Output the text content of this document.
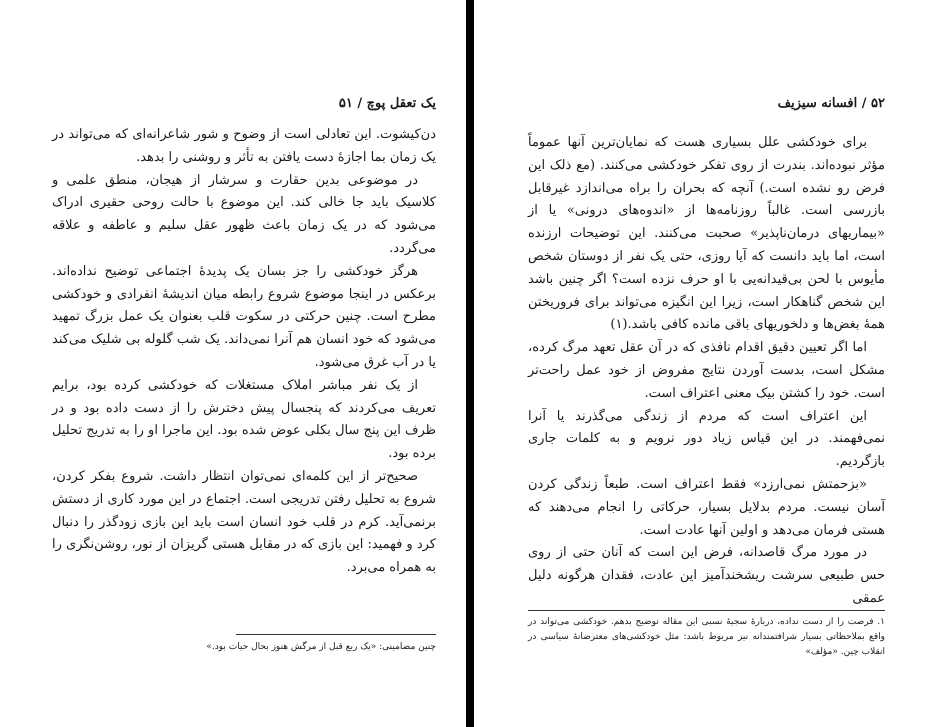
یک تعقل پوچ / ۵۱

دن‌کیشوت. این تعادلی است از وضوح و شور شاعرانه‌ای که می‌تواند در یک زمان بما اجازهٔ دست یافتن به تأثر و روشنی را بدهد.

در موضوعی بدین حقارت و سرشار از هیجان، منطق علمی و کلاسیک باید جا خالی کند. این موضوع با حالت روحی حقیری ادراک می‌شود که در یک زمان باعث ظهور عقل سلیم و عاطفه و علاقه می‌گردد.

هرگز خودکشی را جز بسان یک پدیدهٔ اجتماعی توضیح نداده‌اند. برعکس در اینجا موضوع شروع رابطه میان اندیشهٔ انفرادی و خودکشی مطرح است. چنین حرکتی در سکوت قلب بعنوان یک عمل بزرگ تمهید می‌شود که خود انسان هم آنرا نمی‌داند. یک شب گلوله‌ بی شلیک می‌کند یا در آب غرق می‌شود.

از یک نفر مباشر املاک مستغلات که خودکشی کرده بود، برایم تعریف می‌کردند که پنجسال پیش دخترش را از دست داده بود و در ظرف این پنج سال بکلی عوض شده بود. این ماجرا او را به تدریج تحلیل برده بود.

صحیح‌تر از این کلمه‌ای نمی‌توان انتظار داشت. شروع بفکر کردن، شروع به تحلیل رفتن تدریجی است. اجتماع در این مورد کاری از دستش برنمی‌آید. کرم در قلب خود انسان است باید این بازی زودگذر را دنبال کرد و فهمید: این بازی که در مقابل هستی گریزان از نور، روشن‌نگری را به همراه می‌برد.

چنین مضامینی: «یک ربع قبل از مرگش هنوز بحال حیات بود.»

۵۲ / افسانه سیزیف

برای خودکشی علل بسیاری هست که نمایان‌ترین آنها عموماً مؤثر نبوده‌اند. بندرت از روی تفکر خودکشی می‌کنند. (مع ذلک این فرض رو نشده است.) آنچه که بحران را براه می‌اندازد غیرقابل بازرسی است. غالباً روزنامه‌ها از «اندوه‌های درونی» یا از «بیماریهای درمان‌ناپذیر» صحبت می‌کنند. این توضیحات ارزنده است، اما باید دانست که آیا روزی، حتی یک نفر از دوستان شخص مأیوس با لحن بی‌قیدانه‌یی با او حرف نزده است؟ اگر چنین باشد این شخص گناهکار است، زیرا این انگیزه می‌تواند برای فروریختن همهٔ بغض‌ها و دلخوریهای باقی مانده کافی باشد.(۱)

اما اگر تعیین دقیق اقدام نافذی که در آن عقل تعهد مرگ کرده، مشکل است، بدست آوردن نتایج مفروض از خود عمل راحت‌تر است. خود را کشتن بیک معنی اعتراف است.

این اعتراف است که مردم از زندگی می‌گذرند یا آنرا نمی‌فهمند. در این قیاس زیاد دور نرویم و به کلمات جاری بازگردیم.

«بزحمتش نمی‌ارزد» فقط اعتراف است. طبعاً زندگی کردن آسان نیست. مردم بدلایل بسیار، حرکاتی را انجام می‌دهند که هستی فرمان می‌دهد و اولین آنها عادت است.

در مورد مرگ قاصدانه، فرض این است که آنان حتی از روی حس طبیعی سرشت ریشخندآمیز این عادت، فقدان هرگونه دلیل عمقی

۱. فرصت را از دست نداده، دربارهٔ سجیهٔ نسبی این مقاله توضیح بدهم. خودکشی می‌تواند در واقع بملاحظاتی بسیار شرافتمندانه نیز مربوط باشد: مثل خودکشی‌های معترضانهٔ سیاسی در انقلاب چین. «مؤلف»
